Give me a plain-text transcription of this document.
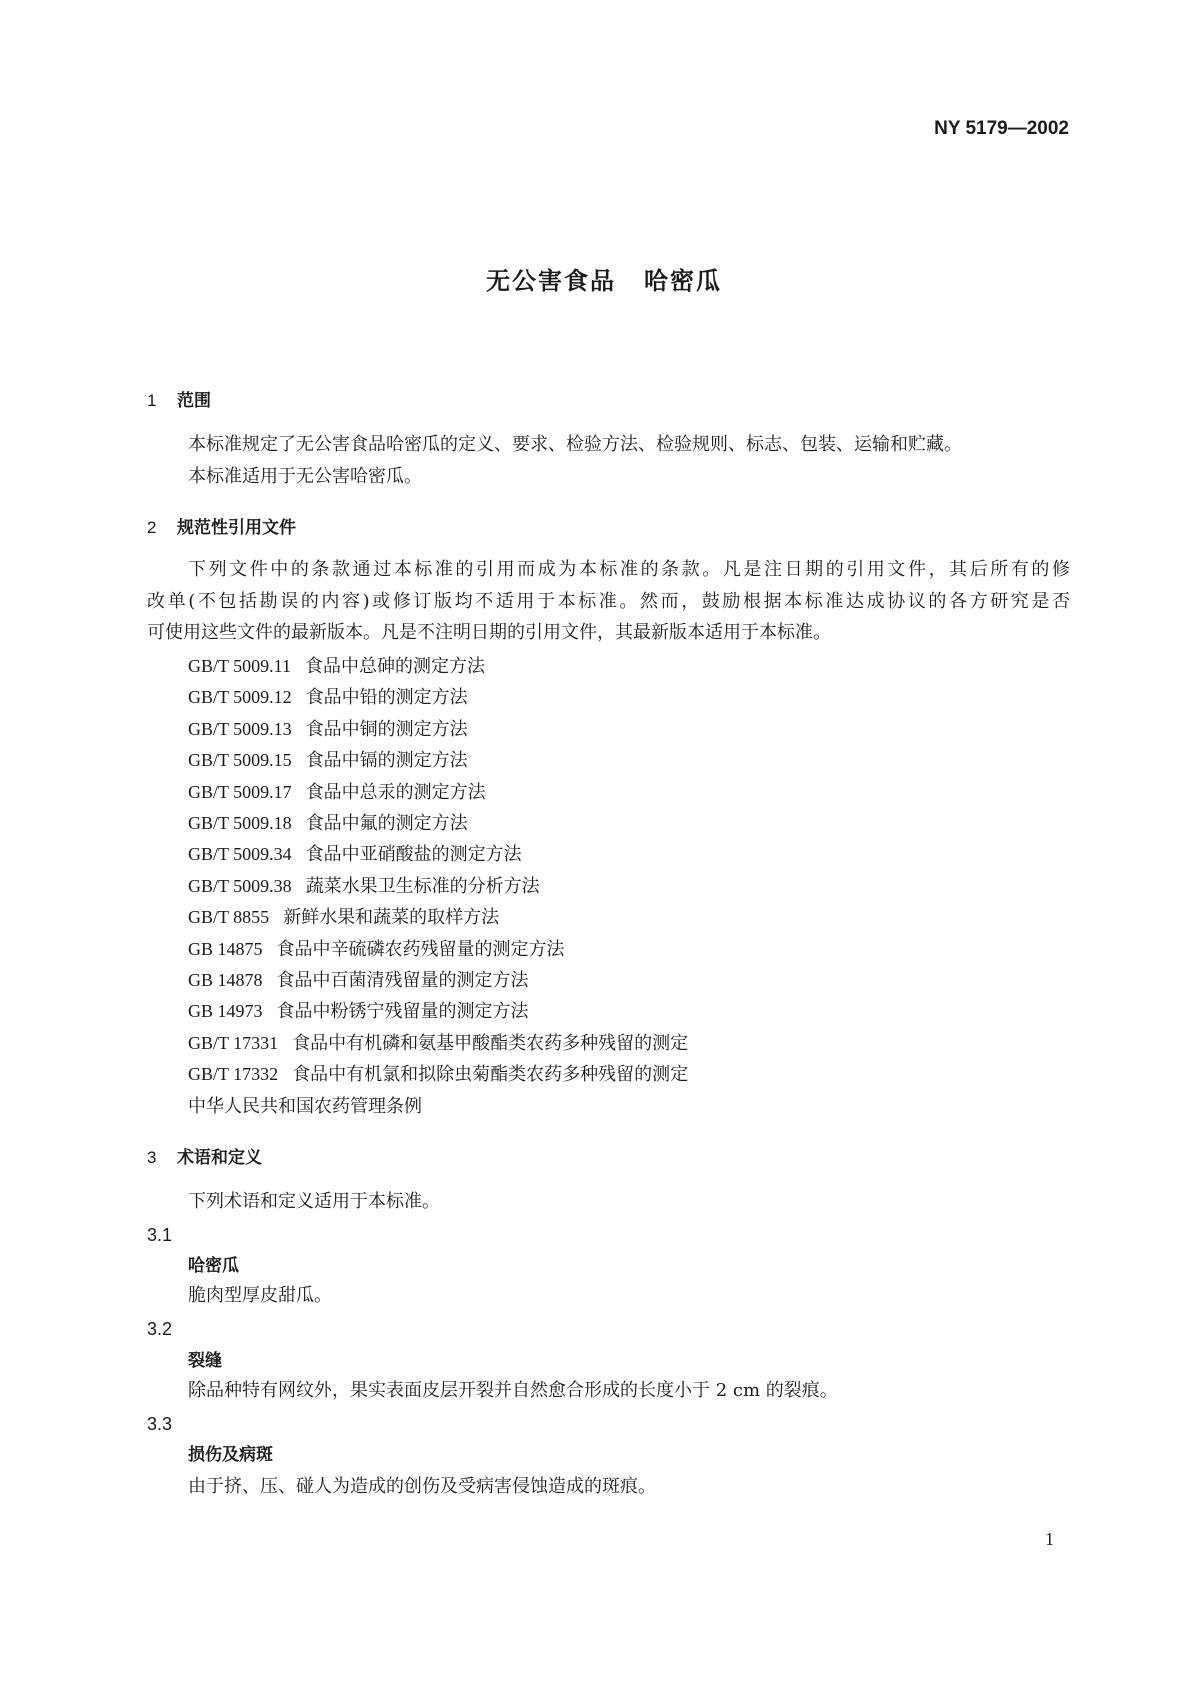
NY 5179—2002
无公害食品 哈密瓜
1 范围
本标准规定了无公害食品哈密瓜的定义、要求、检验方法、检验规则、标志、包装、运输和贮藏。
本标准适用于无公害哈密瓜。
2 规范性引用文件
下列文件中的条款通过本标准的引用而成为本标准的条款。凡是注日期的引用文件，其后所有的修
改单(不包括勘误的内容)或修订版均不适用于本标准。然而，鼓励根据本标准达成协议的各方研究是否
可使用这些文件的最新版本。凡是不注明日期的引用文件，其最新版本适用于本标准。
GB/T 5009.11 食品中总砷的测定方法
GB/T 5009.12 食品中铅的测定方法
GB/T 5009.13 食品中铜的测定方法
GB/T 5009.15 食品中镉的测定方法
GB/T 5009.17 食品中总汞的测定方法
GB/T 5009.18 食品中氟的测定方法
GB/T 5009.34 食品中亚硝酸盐的测定方法
GB/T 5009.38 蔬菜水果卫生标准的分析方法
GB/T 8855 新鲜水果和蔬菜的取样方法
GB 14875 食品中辛硫磷农药残留量的测定方法
GB 14878 食品中百菌清残留量的测定方法
GB 14973 食品中粉锈宁残留量的测定方法
GB/T 17331 食品中有机磷和氨基甲酸酯类农药多种残留的测定
GB/T 17332 食品中有机氯和拟除虫菊酯类农药多种残留的测定
中华人民共和国农药管理条例
3 术语和定义
下列术语和定义适用于本标准。
3.1
哈密瓜
脆肉型厚皮甜瓜。
3.2
裂缝
除品种特有网纹外，果实表面皮层开裂并自然愈合形成的长度小于 2 cm 的裂痕。
3.3
损伤及病斑
由于挤、压、碰人为造成的创伤及受病害侵蚀造成的斑痕。
1
